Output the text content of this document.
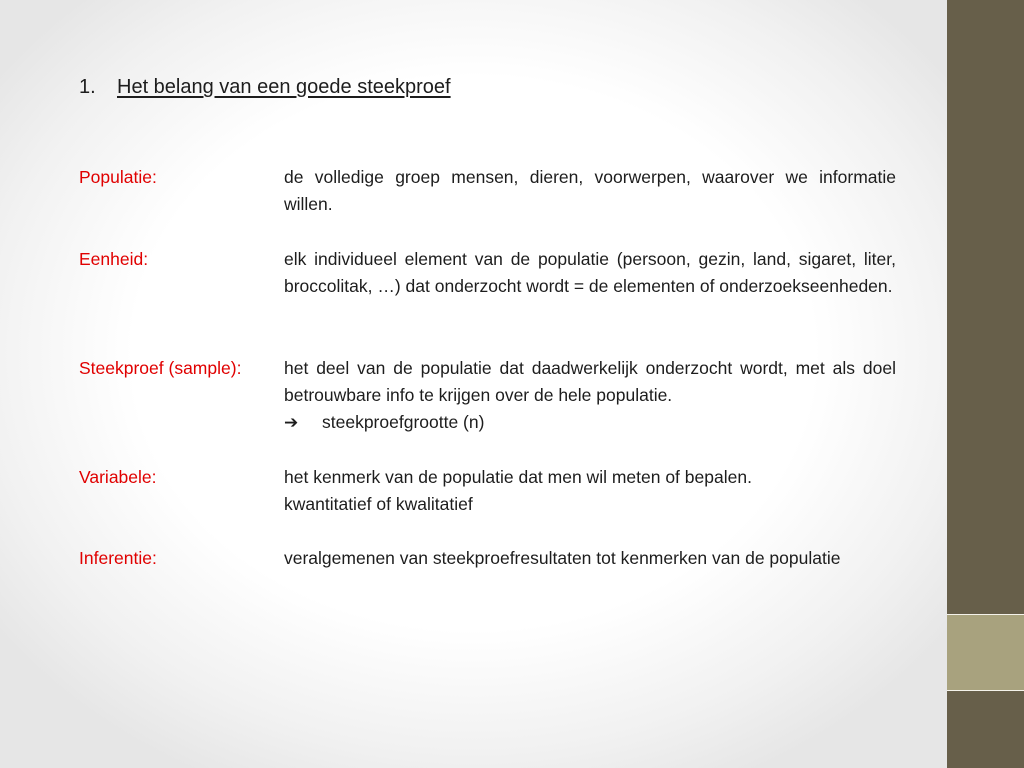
1. Het belang van een goede steekproef
Populatie:	de volledige groep mensen, dieren, voorwerpen, waarover we informatie willen.
Eenheid:	elk individueel element van de populatie (persoon, gezin, land, sigaret, liter, broccolitak, …) dat onderzocht wordt = de elementen of onderzoekseenheden.
Steekproef (sample):	het deel van de populatie dat daadwerkelijk onderzocht wordt, met als doel betrouwbare info te krijgen over de hele populatie.
➔	steekproefgrootte (n)
Variabele:	het kenmerk van de populatie dat men wil meten of bepalen.
kwantitatief of kwalitatief
Inferentie:	veralgemenen van steekproefresultaten tot kenmerken van de populatie
